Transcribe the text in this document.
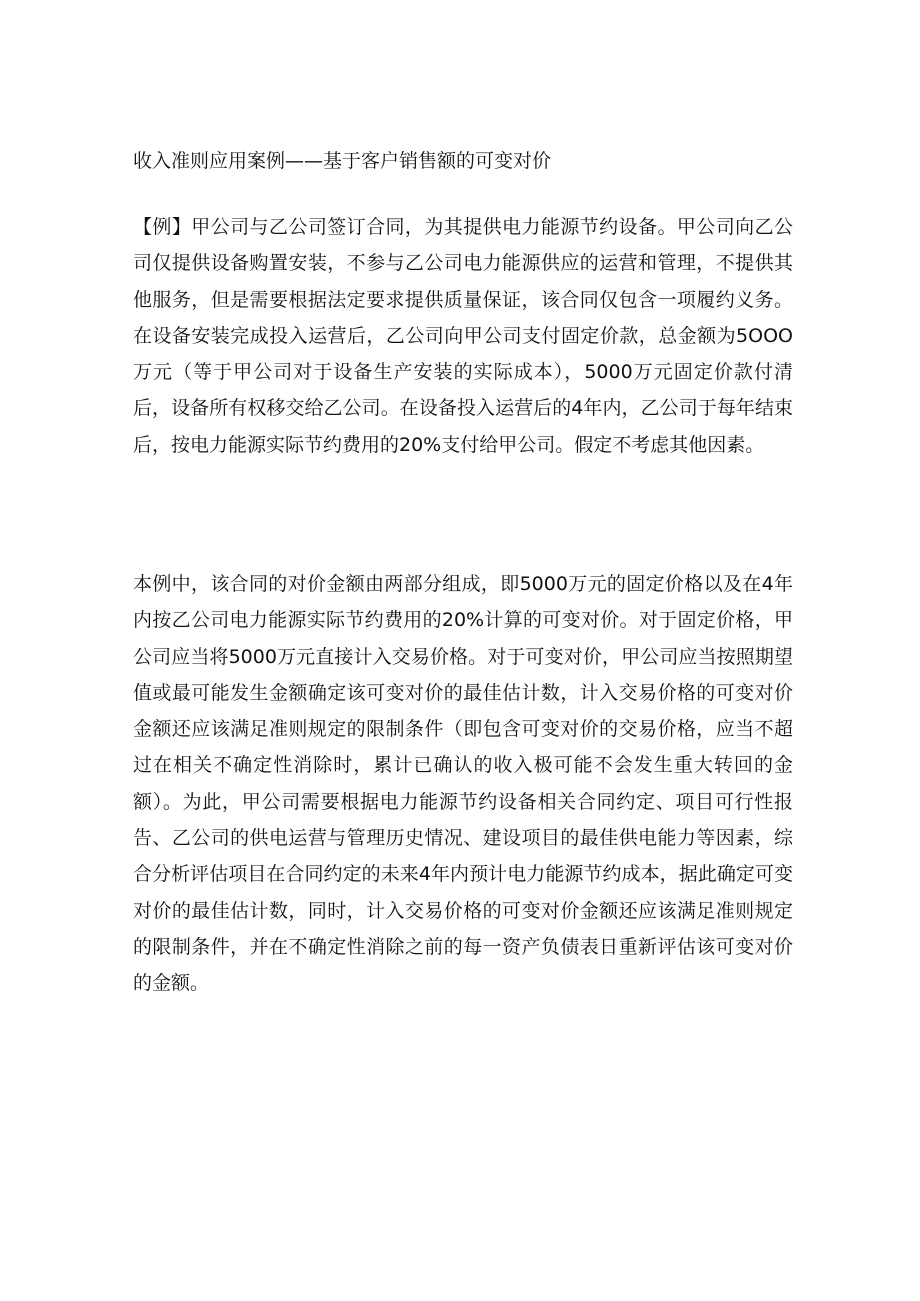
收入准则应用案例——基于客户销售额的可变对价

【例】甲公司与乙公司签订合同，为其提供电力能源节约设备。甲公司向乙公司仅提供设备购置安装，不参与乙公司电力能源供应的运营和管理，不提供其他服务，但是需要根据法定要求提供质量保证，该合同仅包含一项履约义务。在设备安装完成投入运营后，乙公司向甲公司支付固定价款，总金额为5OOO万元（等于甲公司对于设备生产安装的实际成本），5000万元固定价款付清后，设备所有权移交给乙公司。在设备投入运营后的4年内，乙公司于每年结束后，按电力能源实际节约费用的20%支付给甲公司。假定不考虑其他因素。

本例中，该合同的对价金额由两部分组成，即5000万元的固定价格以及在4年内按乙公司电力能源实际节约费用的20%计算的可变对价。对于固定价格，甲公司应当将5000万元直接计入交易价格。对于可变对价，甲公司应当按照期望值或最可能发生金额确定该可变对价的最佳估计数，计入交易价格的可变对价金额还应该满足准则规定的限制条件（即包含可变对价的交易价格，应当不超过在相关不确定性消除时，累计已确认的收入极可能不会发生重大转回的金额）。为此，甲公司需要根据电力能源节约设备相关合同约定、项目可行性报告、乙公司的供电运营与管理历史情况、建设项目的最佳供电能力等因素，综合分析评估项目在合同约定的未来4年内预计电力能源节约成本，据此确定可变对价的最佳估计数，同时，计入交易价格的可变对价金额还应该满足准则规定的限制条件，并在不确定性消除之前的每一资产负债表日重新评估该可变对价的金额。
